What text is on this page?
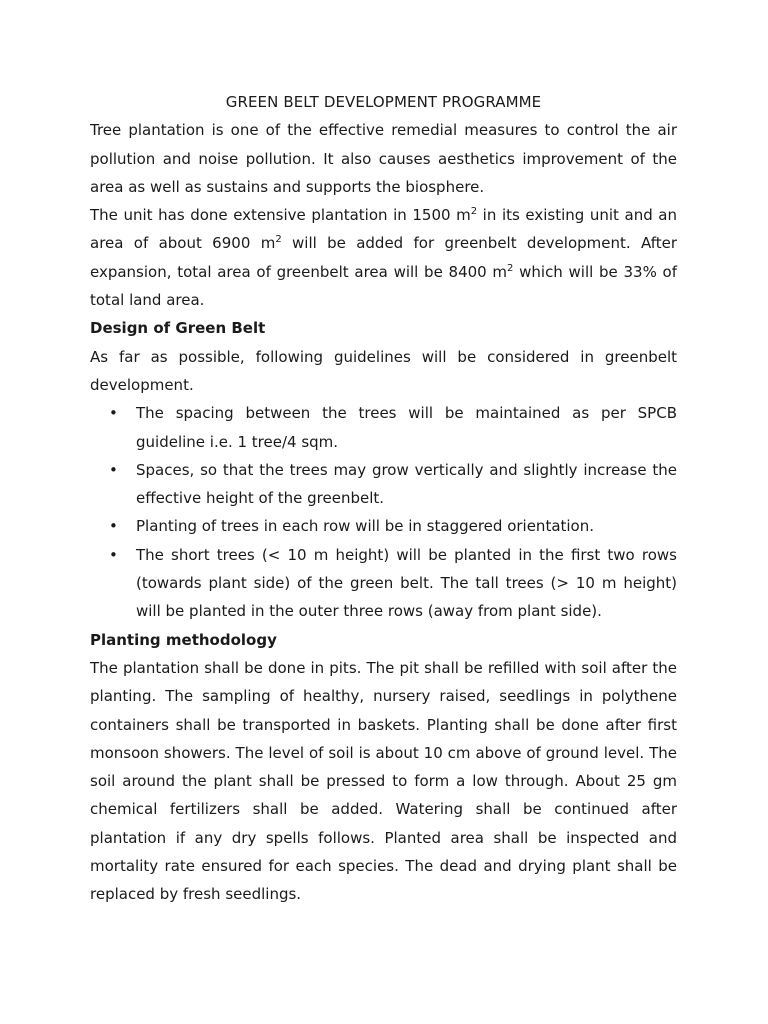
GREEN BELT DEVELOPMENT PROGRAMME

Tree plantation is one of the effective remedial measures to control the air pollution and noise pollution. It also causes aesthetics improvement of the area as well as sustains and supports the biosphere.

The unit has done extensive plantation in 1500 $m^2$ in its existing unit and an area of about 6900 $m^2$ will be added for greenbelt development. After expansion, total area of greenbelt area will be 8400 $m^2$ which will be 33% of total land area.

Design of Green Belt

As far as possible, following guidelines will be considered in greenbelt development.

• The spacing between the trees will be maintained as per SPCB guideline i.e. 1 tree/4 sqm.
• Spaces, so that the trees may grow vertically and slightly increase the effective height of the greenbelt.
• Planting of trees in each row will be in staggered orientation.
• The short trees (< 10 m height) will be planted in the first two rows (towards plant side) of the green belt. The tall trees (> 10 m height) will be planted in the outer three rows (away from plant side).
Planting methodology

The plantation shall be done in pits. The pit shall be refilled with soil after the planting. The sampling of healthy, nursery raised, seedlings in polythene containers shall be transported in baskets. Planting shall be done after first monsoon showers. The level of soil is about 10 cm above of ground level. The soil around the plant shall be pressed to form a low through. About 25 gm chemical fertilizers shall be added. Watering shall be continued after plantation if any dry spells follows. Planted area shall be inspected and mortality rate ensured for each species. The dead and drying plant shall be replaced by fresh seedlings.
